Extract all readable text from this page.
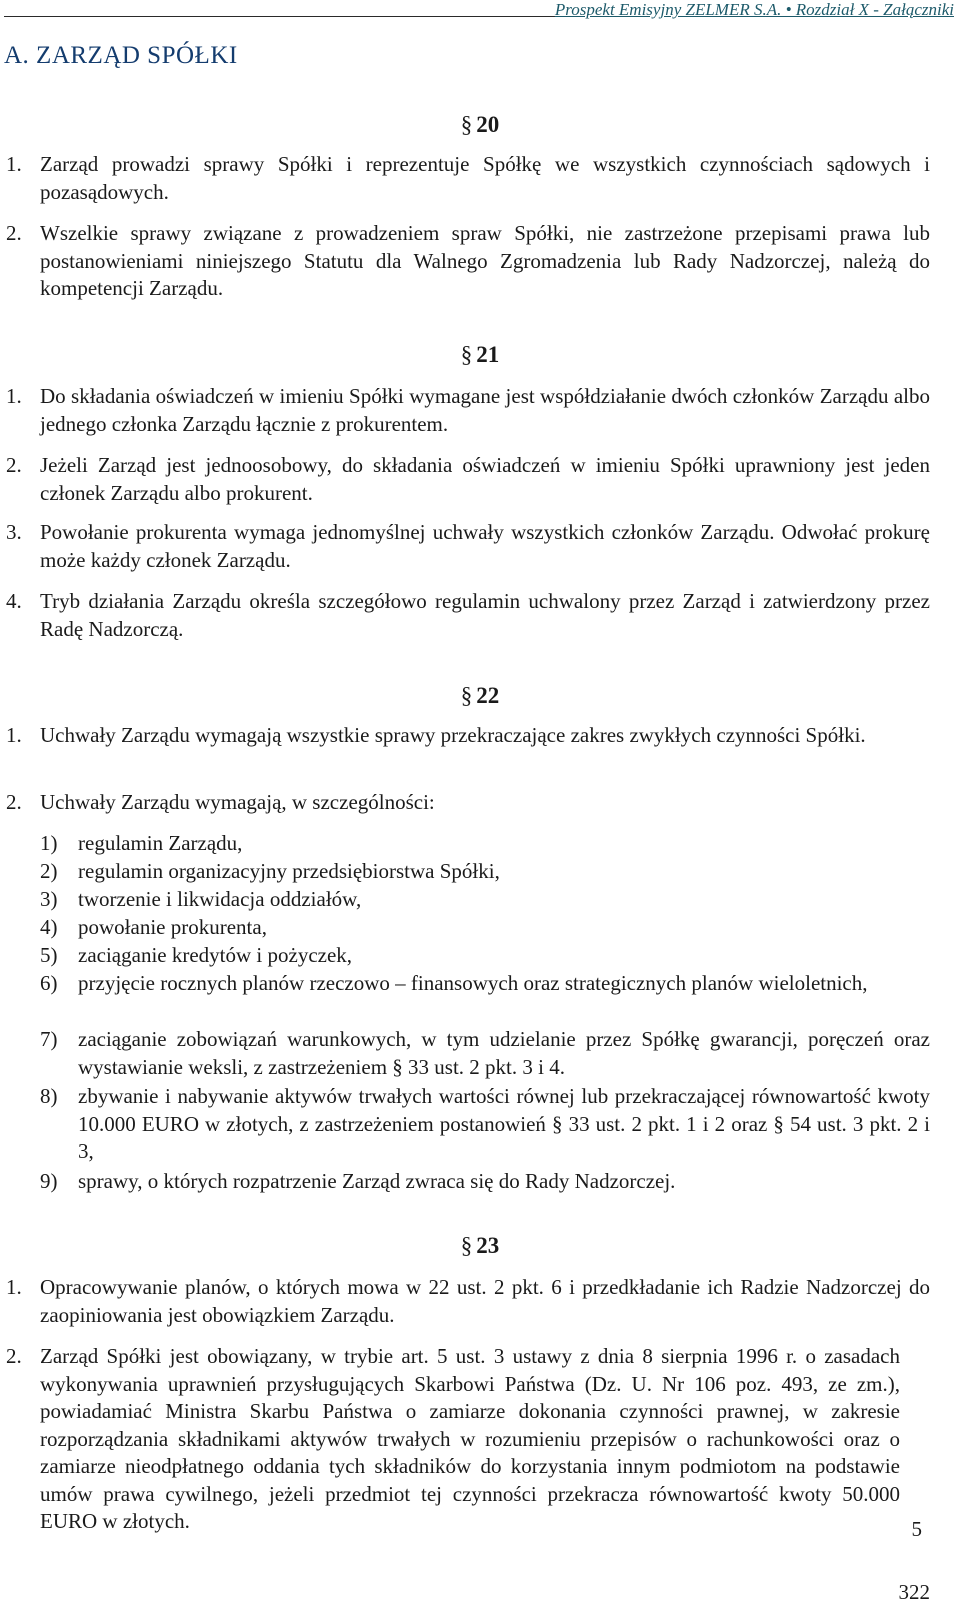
Prospekt Emisyjny ZELMER S.A. • Rozdział X - Załączniki
A. ZARZĄD SPÓŁKI
§ 20
1. Zarząd prowadzi sprawy Spółki i reprezentuje Spółkę we wszystkich czynnościach sądowych i pozasądowych.
2. Wszelkie sprawy związane z prowadzeniem spraw Spółki, nie zastrzeżone przepisami prawa lub postanowieniami niniejszego Statutu dla Walnego Zgromadzenia lub Rady Nadzorczej, należą do kompetencji Zarządu.
§ 21
1. Do składania oświadczeń w imieniu Spółki wymagane jest współdziałanie dwóch członków Zarządu albo jednego członka Zarządu łącznie z prokurentem.
2. Jeżeli Zarząd jest jednoosobowy, do składania oświadczeń w imieniu Spółki uprawniony jest jeden członek Zarządu albo prokurent.
3. Powołanie prokurenta wymaga jednomyślnej uchwały wszystkich członków Zarządu. Odwołać prokurę może każdy członek Zarządu.
4. Tryb działania Zarządu określa szczegółowo regulamin uchwalony przez Zarząd i zatwierdzony przez Radę Nadzorczą.
§ 22
1. Uchwały Zarządu wymagają wszystkie sprawy przekraczające zakres zwykłych czynności Spółki.
2. Uchwały Zarządu wymagają, w szczególności:
1) regulamin Zarządu,
2) regulamin organizacyjny przedsiębiorstwa Spółki,
3) tworzenie i likwidacja oddziałów,
4) powołanie prokurenta,
5) zaciąganie kredytów i pożyczek,
6) przyjęcie rocznych planów rzeczowo – finansowych oraz strategicznych planów wieloletnich,
7) zaciąganie zobowiązań warunkowych, w tym udzielanie przez Spółkę gwarancji, poręczeń oraz wystawianie weksli, z zastrzeżeniem § 33 ust. 2 pkt. 3 i 4.
8) zbywanie i nabywanie aktywów trwałych wartości równej lub przekraczającej równowartość kwoty 10.000 EURO w złotych, z zastrzeżeniem postanowień § 33 ust. 2 pkt. 1 i 2 oraz § 54 ust. 3 pkt. 2 i 3,
9) sprawy, o których rozpatrzenie Zarząd zwraca się do Rady Nadzorczej.
§ 23
1. Opracowywanie planów, o których mowa w 22 ust. 2 pkt. 6 i przedkładanie ich Radzie Nadzorczej do zaopiniowania jest obowiązkiem Zarządu.
2. Zarząd Spółki jest obowiązany, w trybie art. 5 ust. 3 ustawy z dnia 8 sierpnia 1996 r. o zasadach wykonywania uprawnień przysługujących Skarbowi Państwa (Dz. U. Nr 106 poz. 493, ze zm.), powiadamiać Ministra Skarbu Państwa o zamiarze dokonania czynności prawnej, w zakresie rozporządzania składnikami aktywów trwałych w rozumieniu przepisów o rachunkowości oraz o zamiarze nieodpłatnego oddania tych składników do korzystania innym podmiotom na podstawie umów prawa cywilnego, jeżeli przedmiot tej czynności przekracza równowartość kwoty 50.000 EURO w złotych.	5
322
